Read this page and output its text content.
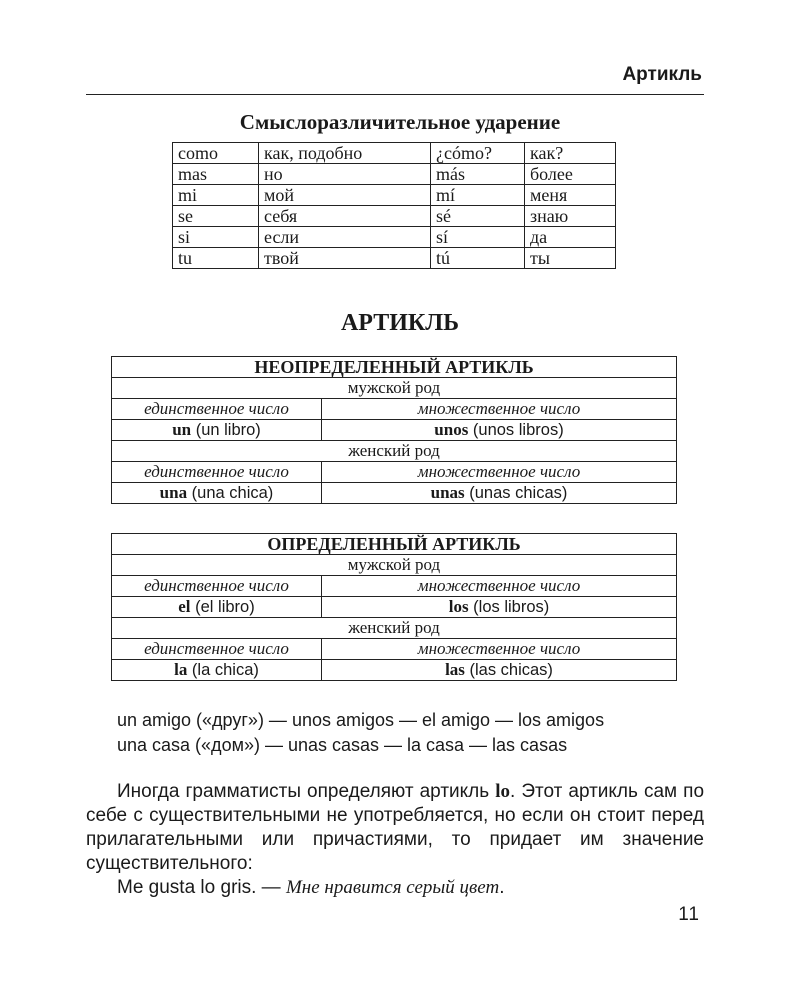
Артикль
Смыслоразличительное ударение
como	как, подобно	¿cómo?	как?
mas	но	más	более
mi	мой	mí	меня
se	себя	sé	знаю
si	если	sí	да
tu	твой	tú	ты
АРТИКЛЬ
НЕОПРЕДЕЛЕННЫЙ АРТИКЛЬ	
мужской род	
единственное число	множественное число
un (un libro)	unos (unos libros)
женский род	
единственное число	множественное число
una (una chica)	unas (unas chicas)
ОПРЕДЕЛЕННЫЙ АРТИКЛЬ	
мужской род	
единственное число	множественное число
el (el libro)	los (los libros)
женский род	
единственное число	множественное число
la (la chica)	las (las chicas)
un amigo («друг») — unos amigos — el amigo — los amigos
una casa («дом») — unas casas — la casa — las casas

Иногда грамматисты определяют артикль lo. Этот артикль сам по себе с существительными не употребляется, но если он стоит перед прилагательными или причастиями, то придает им значение существительного:

Me gusta lo gris. — Мне нравится серый цвет.

11
